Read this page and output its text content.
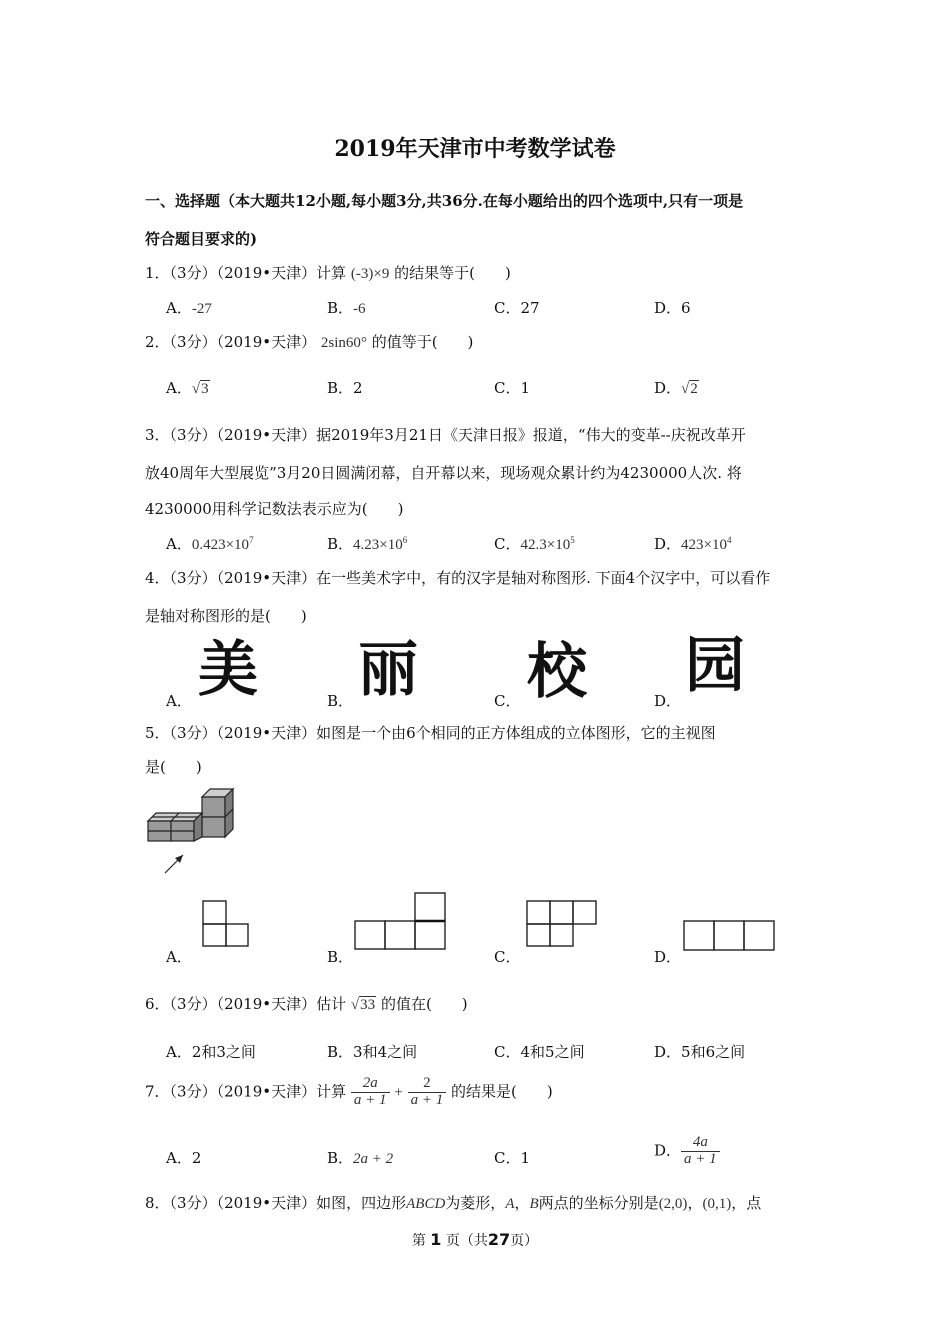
2019年天津市中考数学试卷
一、选择题（本大题共12小题,每小题3分,共36分.在每小题给出的四个选项中,只有一项是
符合题目要求的)
1．（3分）（2019•天津）计算 (-3)×9 的结果等于(　　)
A．-27	B．-6	C．27	D．6
2．（3分）（2019•天津） 2sin60° 的值等于(　　)
A．√3	B．2	C．1	D．√2
3．（3分）（2019•天津）据2019年3月21日《天津日报》报道，“伟大的变革--庆祝改革开
放40周年大型展览”3月20日圆满闭幕，自开幕以来，现场观众累计约为4230000人次. 将
4230000用科学记数法表示应为(　　)
A．$0.423\times 10^7$	B．$4.23\times 10^6$	C．$42.3\times 10^5$	D．$423\times 10^4$
4．（3分）（2019•天津）在一些美术字中，有的汉字是轴对称图形. 下面4个汉字中，可以看作
是轴对称图形的是(　　)
A． 美	B． 丽	C． 校	D． 园
5．（3分）（2019•天津）如图是一个由6个相同的正方体组成的立体图形，它的主视图
是(　　)
A．	B．	C．	D．
6．（3分）（2019•天津）估计 √33 的值在(　　)
A．2和3之间	B．3和4之间	C．4和5之间	D．5和6之间
7．（3分）（2019•天津）计算 $\frac{2a}{a + 1} + \frac{2}{a + 1}$ 的结果是(　　)
A．2	B．2a + 2	C．1	D． $\frac{4a}{a + 1}$
8．（3分）（2019•天津）如图，四边形ABCD为菱形，A，B两点的坐标分别是(2,0)，(0,1)，点
第 1 页（共27页）
